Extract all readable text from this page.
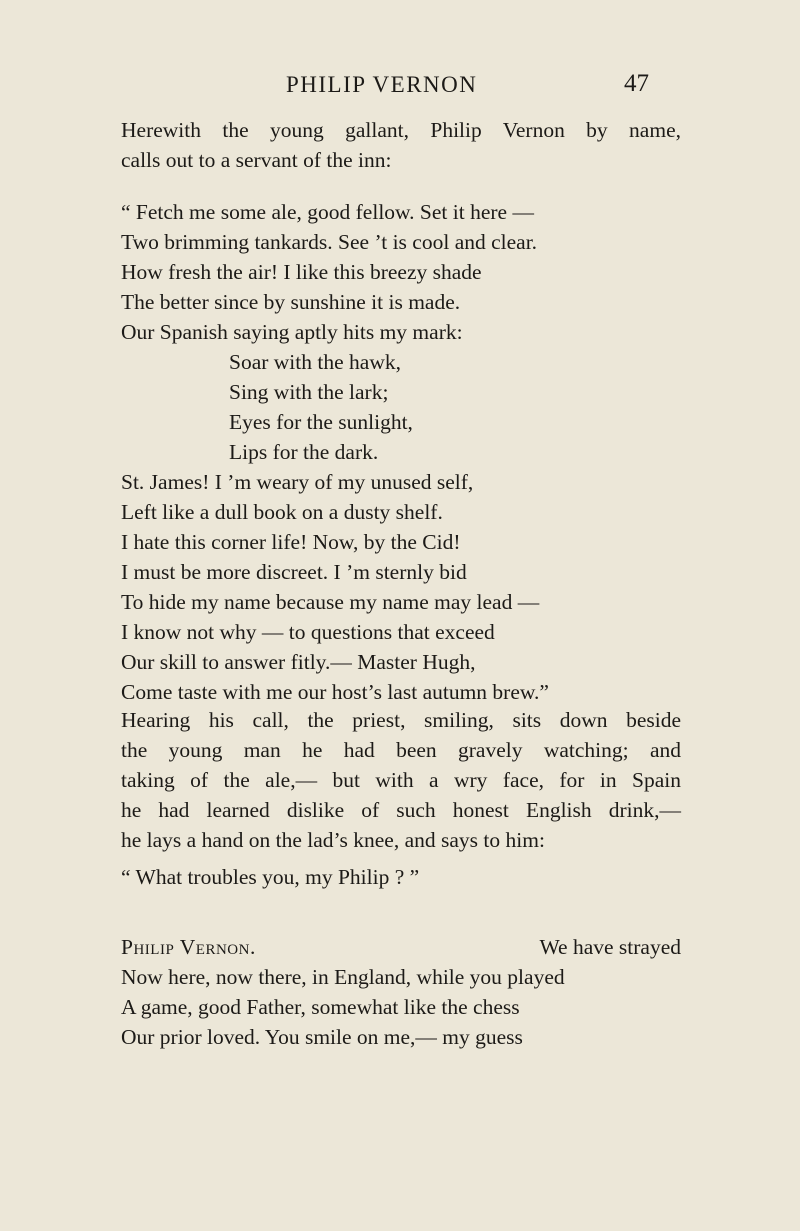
PHILIP VERNON	47
Herewith the young gallant, Philip Vernon by name,
calls out to a servant of the inn:
“ Fetch me some ale, good fellow. Set it here —
Two brimming tankards. See ’t is cool and clear.
How fresh the air! I like this breezy shade
The better since by sunshine it is made.
Our Spanish saying aptly hits my mark:
Soar with the hawk,
Sing with the lark;
Eyes for the sunlight,
Lips for the dark.
St. James! I ’m weary of my unused self,
Left like a dull book on a dusty shelf.
I hate this corner life! Now, by the Cid!
I must be more discreet. I ’m sternly bid
To hide my name because my name may lead —
I know not why — to questions that exceed
Our skill to answer fitly.— Master Hugh,
Come taste with me our host’s last autumn brew.”
Hearing his call, the priest, smiling, sits down beside
the young man he had been gravely watching; and
taking of the ale,— but with a wry face, for in Spain
he had learned dislike of such honest English drink,—
he lays a hand on the lad’s knee, and says to him:
“ What troubles you, my Philip ? ”
Philip Vernon.	We have strayed
Now here, now there, in England, while you played
A game, good Father, somewhat like the chess
Our prior loved. You smile on me,— my guess
